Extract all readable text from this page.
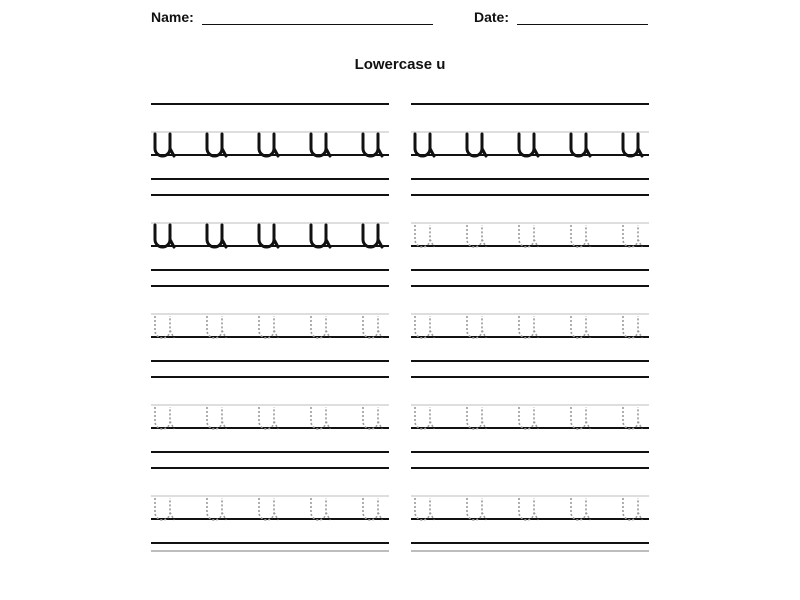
Name:	Date:
Lowercase u
